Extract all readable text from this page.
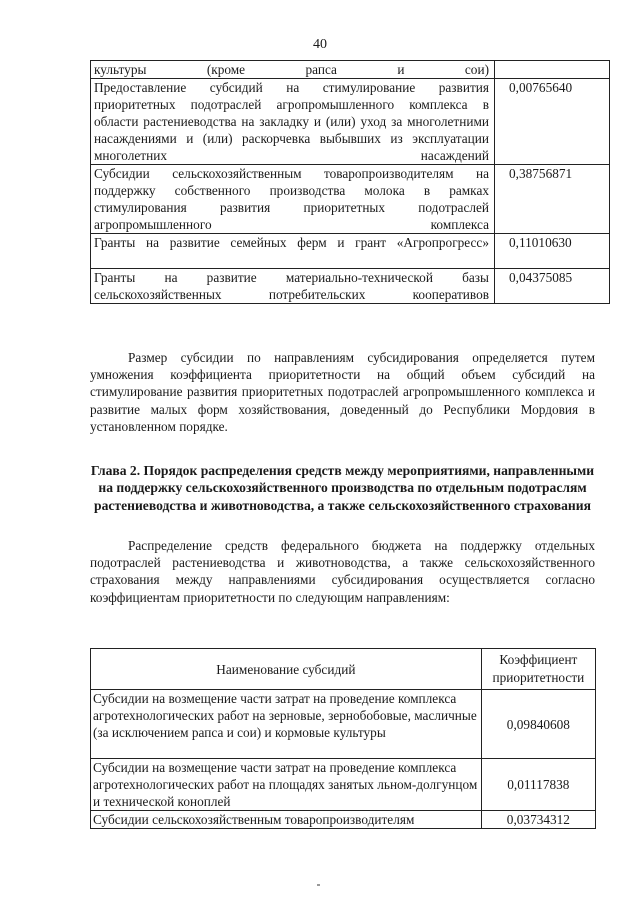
40
культуры (кроме рапса и сои)	
Предоставление субсидий на стимулирование развития приоритетных подотраслей агропромышленного комплекса в области растениеводства на закладку и (или) уход за многолетними насаждениями и (или) раскорчевка выбывших из эксплуатации многолетних насаждений	0,00765640
Субсидии сельскохозяйственным товаропроизводителям на поддержку собственного производства молока в рамках стимулирования развития приоритетных подотраслей агропромышленного комплекса	0,38756871
Гранты на развитие семейных ферм и грант «Агропрогресс»	0,11010630
Гранты на развитие материально-технической базы сельскохозяйственных потребительских кооперативов	0,04375085

Размер субсидии по направлениям субсидирования определяется путем умножения коэффициента приоритетности на общий объем субсидий на стимулирование развития приоритетных подотраслей агропромышленного комплекса и развитие малых форм хозяйствования, доведенный до Республики Мордовия в установленном порядке.

Глава 2. Порядок распределения средств между мероприятиями, направленными на поддержку сельскохозяйственного производства по отдельным подотраслям растениеводства и животноводства, а также сельскохозяйственного страхования

Распределение средств федерального бюджета на поддержку отдельных подотраслей растениеводства и животноводства, а также сельскохозяйственного страхования между направлениями субсидирования осуществляется согласно коэффициентам приоритетности по следующим направлениям:

Наименование субсидий	Коэффициент приоритетности
Субсидии на возмещение части затрат на проведение комплекса агротехнологических работ на зерновые, зернобобовые, масличные (за исключением рапса и сои) и кормовые культуры	0,09840608
Субсидии на возмещение части затрат на проведение комплекса агротехнологических работ на площадях занятых льном-долгунцом и технической коноплей	0,01117838
Субсидии сельскохозяйственным товаропроизводителям	0,03734312
